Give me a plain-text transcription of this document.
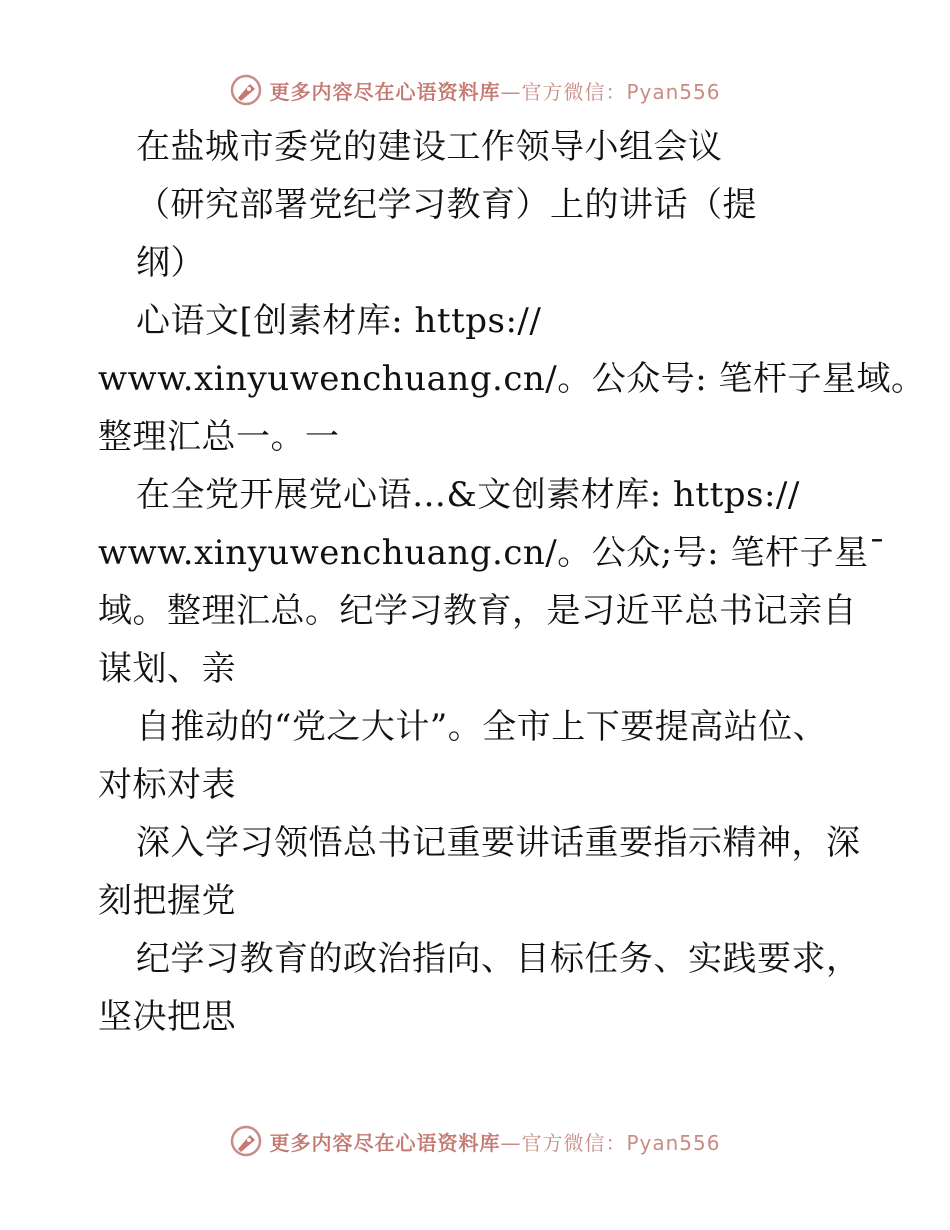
更多内容尽在心语资料库—官方微信：Pyan556
在盐城市委党的建设工作领导小组会议
（研究部署党纪学习教育）上的讲话（提
纲）
心语文[创素材库: https://
www.xinyuwenchuang.cn/。公众号: 笔杆子星域。
整理汇总一。一
在全党开展党心语…&文创素材库: https://
www.xinyuwenchuang.cn/。公众;号: 笔杆子星¯
域。整理汇总。纪学习教育，是习近平总书记亲自
谋划、亲
自推动的“党之大计”。全市上下要提高站位、
对标对表
深入学习领悟总书记重要讲话重要指示精神，深
刻把握党
纪学习教育的政治指向、目标任务、实践要求，
坚决把思
更多内容尽在心语资料库—官方微信：Pyan556
